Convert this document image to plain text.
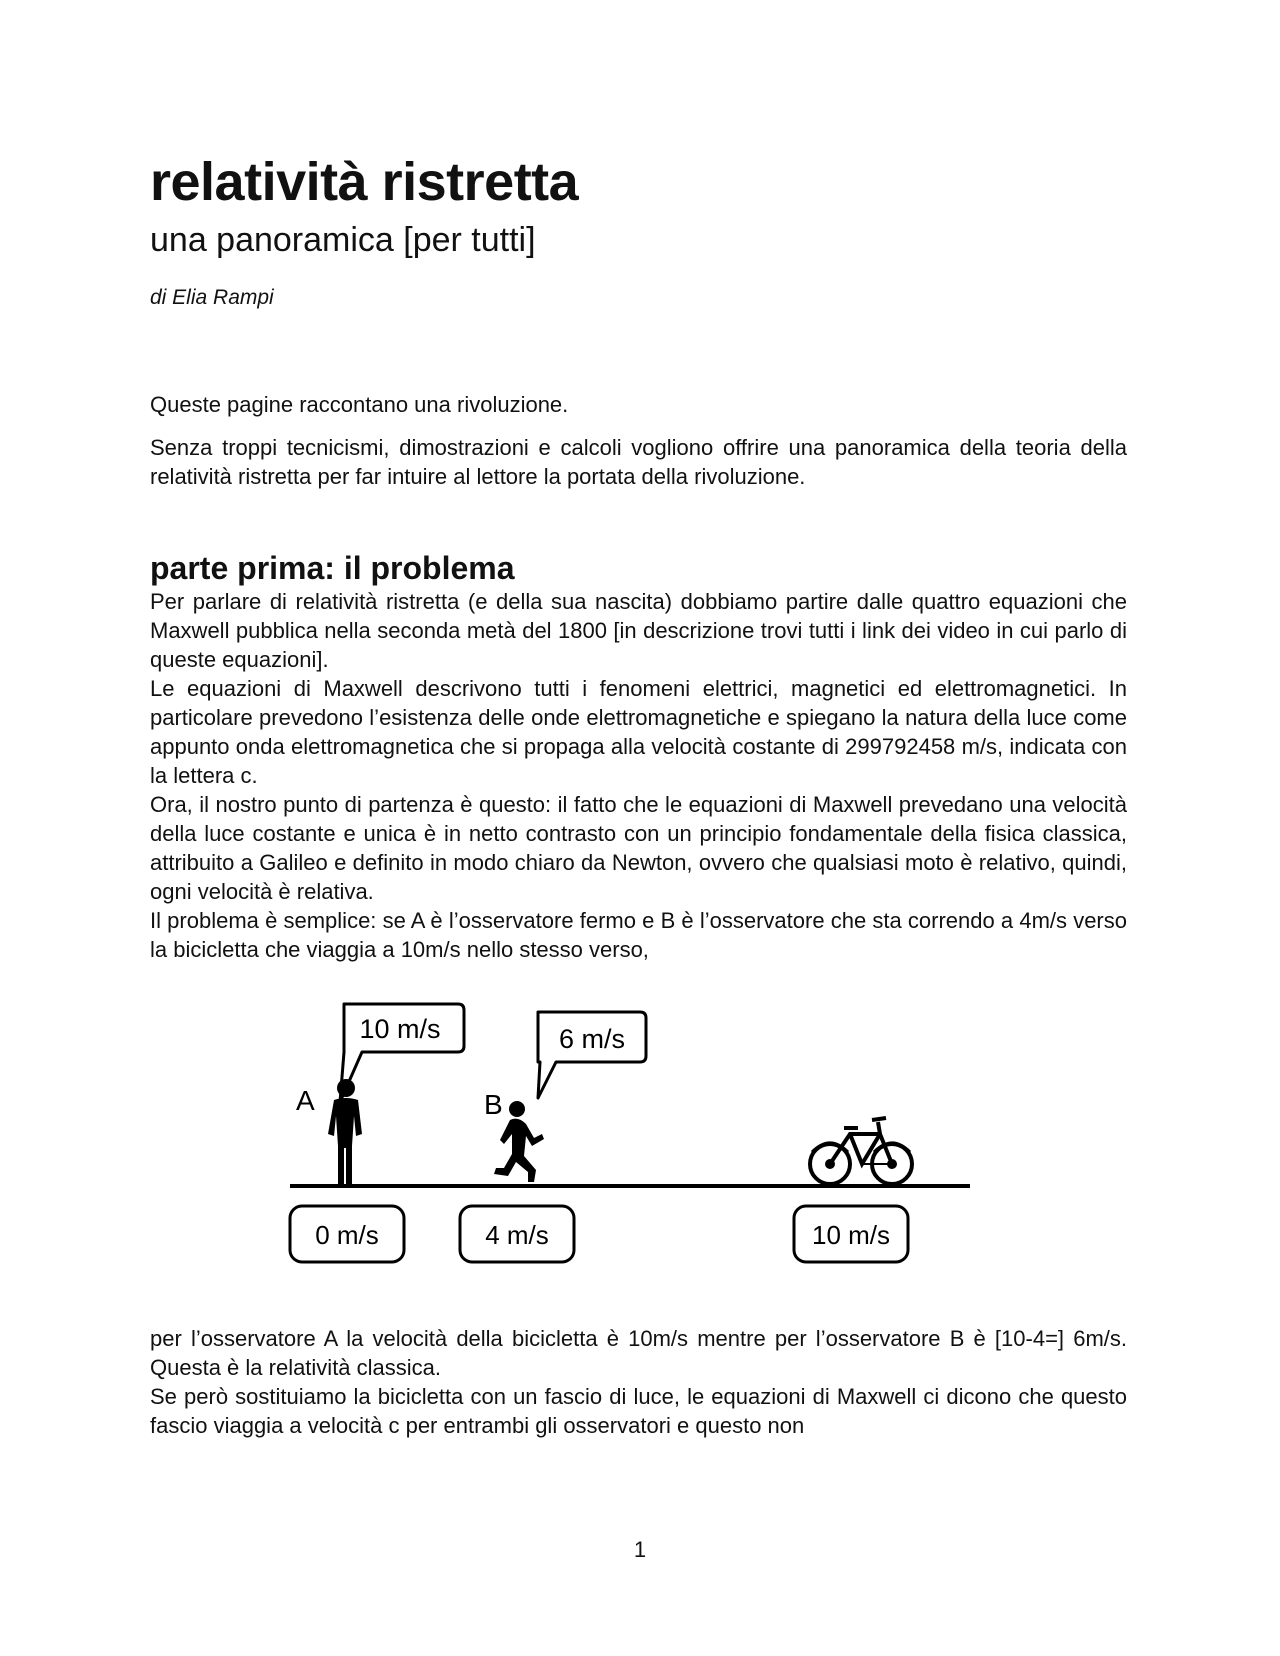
relatività ristretta
una panoramica [per tutti]
di Elia Rampi

Queste pagine raccontano una rivoluzione.

Senza troppi tecnicismi, dimostrazioni e calcoli vogliono offrire una panoramica della teoria della relatività ristretta per far intuire al lettore la portata della rivoluzione.

parte prima: il problema

Per parlare di relatività ristretta (e della sua nascita) dobbiamo partire dalle quattro equazioni che Maxwell pubblica nella seconda metà del 1800 [in descrizione trovi tutti i link dei video in cui parlo di queste equazioni].

Le equazioni di Maxwell descrivono tutti i fenomeni elettrici, magnetici ed elettromagnetici. In particolare prevedono l’esistenza delle onde elettromagnetiche e spiegano la natura della luce come appunto onda elettromagnetica che si propaga alla velocità costante di 299792458 m/s, indicata con la lettera c.

Ora, il nostro punto di partenza è questo: il fatto che le equazioni di Maxwell prevedano una velocità della luce costante e unica è in netto contrasto con un principio fondamentale della fisica classica, attribuito a Galileo e definito in modo chiaro da Newton, ovvero che qualsiasi moto è relativo, quindi, ogni velocità è relativa.

Il problema è semplice: se A è l’osservatore fermo e B è l’osservatore che sta correndo a 4m/s verso la bicicletta che viaggia a 10m/s nello stesso verso,

10 m/s	6 m/s
A	B
0 m/s	4 m/s	10 m/s

per l’osservatore A la velocità della bicicletta è 10m/s mentre per l’osservatore B è [10-4=] 6m/s. Questa è la relatività classica.

Se però sostituiamo la bicicletta con un fascio di luce, le equazioni di Maxwell ci dicono che questo fascio viaggia a velocità c per entrambi gli osservatori e questo non

1
